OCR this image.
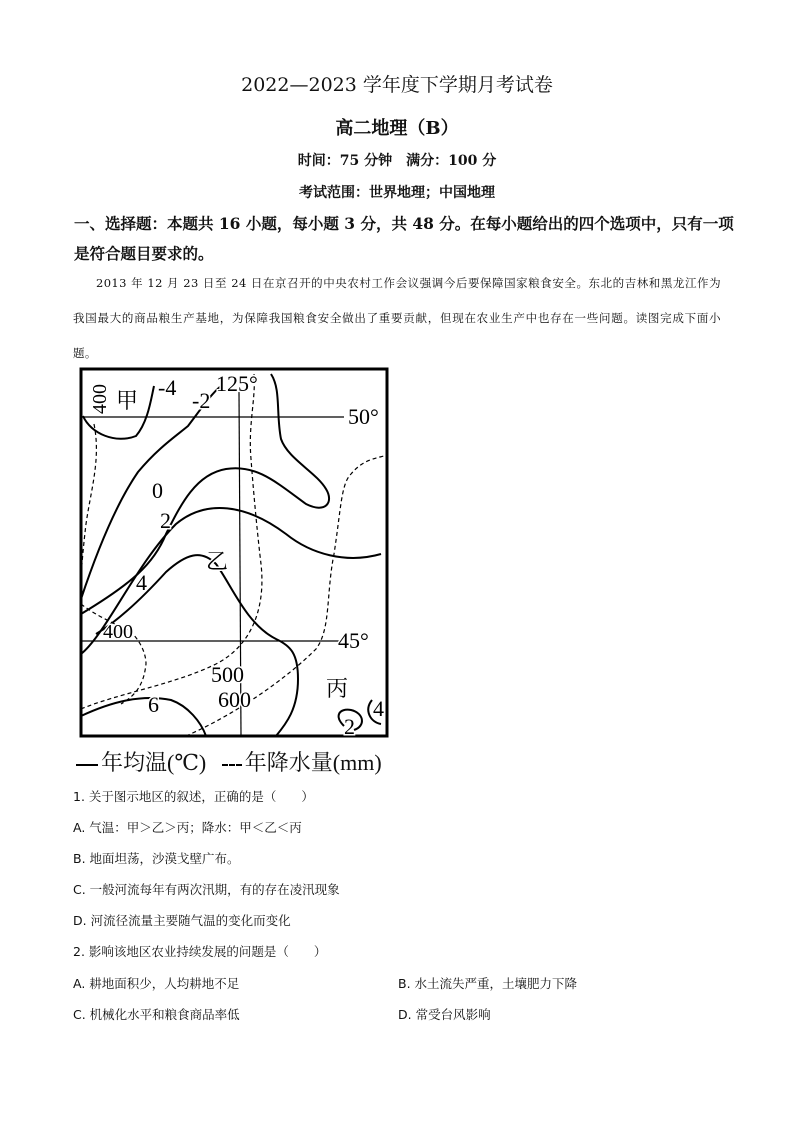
2022—2023 学年度下学期月考试卷
高二地理（B）
时间：75 分钟　满分：100 分
考试范围：世界地理；中国地理
一、选择题：本题共 16 小题，每小题 3 分，共 48 分。在每小题给出的四个选项中，只有一项是符合题目要求的。
2013 年 12 月 23 日至 24 日在京召开的中央农村工作会议强调今后要保障国家粮食安全。东北的吉林和黑龙江作为我国最大的商品粮生产基地，为保障我国粮食安全做出了重要贡献，但现在农业生产中也存在一些问题。读图完成下面小题。
125°
50°
45°
甲
乙
丙
-4
-2
0
2
4
6
2
4
400
400
500
600
年均温(℃) 年降水量(mm)
1. 关于图示地区的叙述，正确的是（　　）
A. 气温：甲＞乙＞丙；降水：甲＜乙＜丙
B. 地面坦荡，沙漠戈壁广布。
C. 一般河流每年有两次汛期，有的存在凌汛现象
D. 河流径流量主要随气温的变化而变化
2. 影响该地区农业持续发展的问题是（　　）
A. 耕地面积少，人均耕地不足	B. 水土流失严重，土壤肥力下降
C. 机械化水平和粮食商品率低	D. 常受台风影响
